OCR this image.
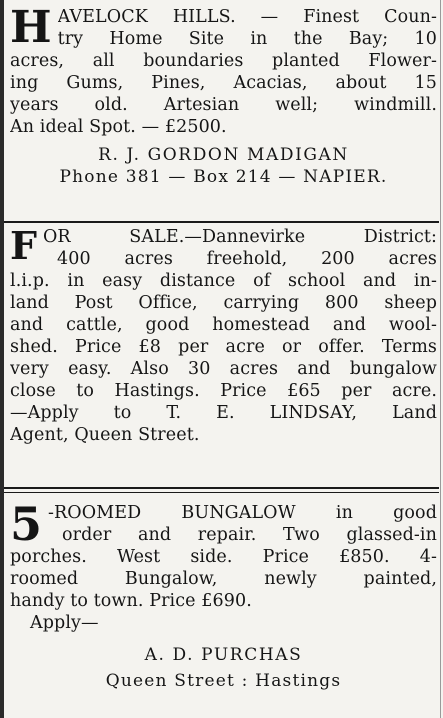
H AVELOCK HILLS. — Finest Coun-
try Home Site in the Bay; 10
acres, all boundaries planted Flower-
ing Gums, Pines, Acacias, about 15
years old. Artesian well; windmill.
An ideal Spot. — £2500.
R. J. GORDON MADIGAN
Phone 381 — Box 214 — NAPIER.
F OR SALE.—Dannevirke District:
400 acres freehold, 200 acres
l.i.p. in easy distance of school and in-
land Post Office, carrying 800 sheep
and cattle, good homestead and wool-
shed. Price £8 per acre or offer. Terms
very easy. Also 30 acres and bungalow
close to Hastings. Price £65 per acre.
—Apply to T. E. LINDSAY, Land
Agent, Queen Street.
5 -ROOMED BUNGALOW in good
order and repair. Two glassed-in
porches. West side. Price £850. 4-
roomed Bungalow, newly painted,
handy to town. Price £690.
Apply—
A. D. PURCHAS
Queen Street : Hastings
